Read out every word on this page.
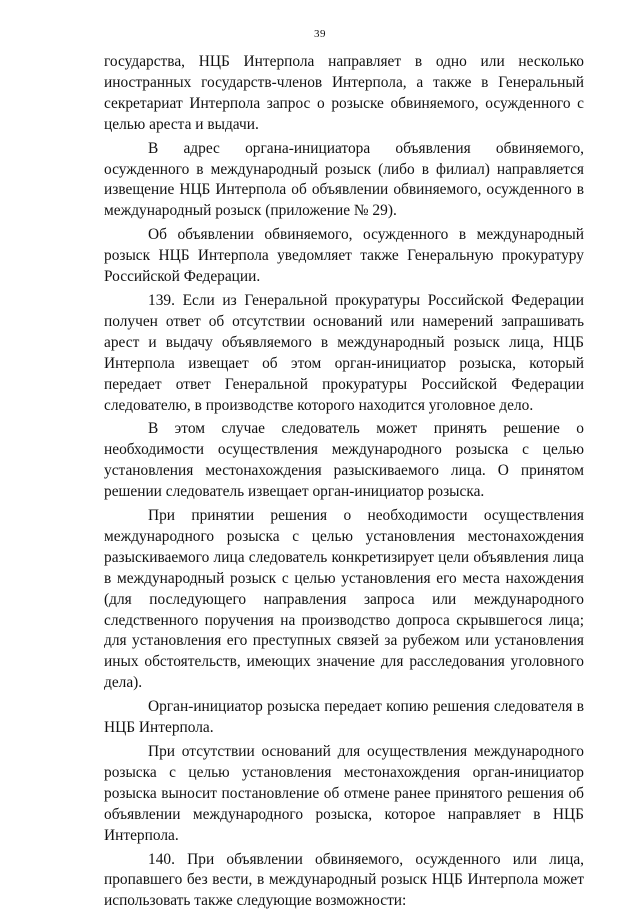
39

государства, НЦБ Интерпола направляет в одно или несколько иностранных государств-членов Интерпола, а также в Генеральный секретариат Интерпола запрос о розыске обвиняемого, осужденного с целью ареста и выдачи.

В адрес органа-инициатора объявления обвиняемого, осужденного в международный розыск (либо в филиал) направляется извещение НЦБ Интерпола об объявлении обвиняемого, осужденного в международный розыск (приложение № 29).

Об объявлении обвиняемого, осужденного в международный розыск НЦБ Интерпола уведомляет также Генеральную прокуратуру Российской Федерации.

139. Если из Генеральной прокуратуры Российской Федерации получен ответ об отсутствии оснований или намерений запрашивать арест и выдачу объявляемого в международный розыск лица, НЦБ Интерпола извещает об этом орган-инициатор розыска, который передает ответ Генеральной прокуратуры Российской Федерации следователю, в производстве которого находится уголовное дело.

В этом случае следователь может принять решение о необходимости осуществления международного розыска с целью установления местонахождения разыскиваемого лица. О принятом решении следователь извещает орган-инициатор розыска.

При принятии решения о необходимости осуществления международного розыска с целью установления местонахождения разыскиваемого лица следователь конкретизирует цели объявления лица в международный розыск с целью установления его места нахождения (для последующего направления запроса или международного следственного поручения на производство допроса скрывшегося лица; для установления его преступных связей за рубежом или установления иных обстоятельств, имеющих значение для расследования уголовного дела).

Орган-инициатор розыска передает копию решения следователя в НЦБ Интерпола.

При отсутствии оснований для осуществления международного розыска с целью установления местонахождения орган-инициатор розыска выносит постановление об отмене ранее принятого решения об объявлении международного розыска, которое направляет в НЦБ Интерпола.

140. При объявлении обвиняемого, осужденного или лица, пропавшего без вести, в международный розыск НЦБ Интерпола может использовать также следующие возможности:
